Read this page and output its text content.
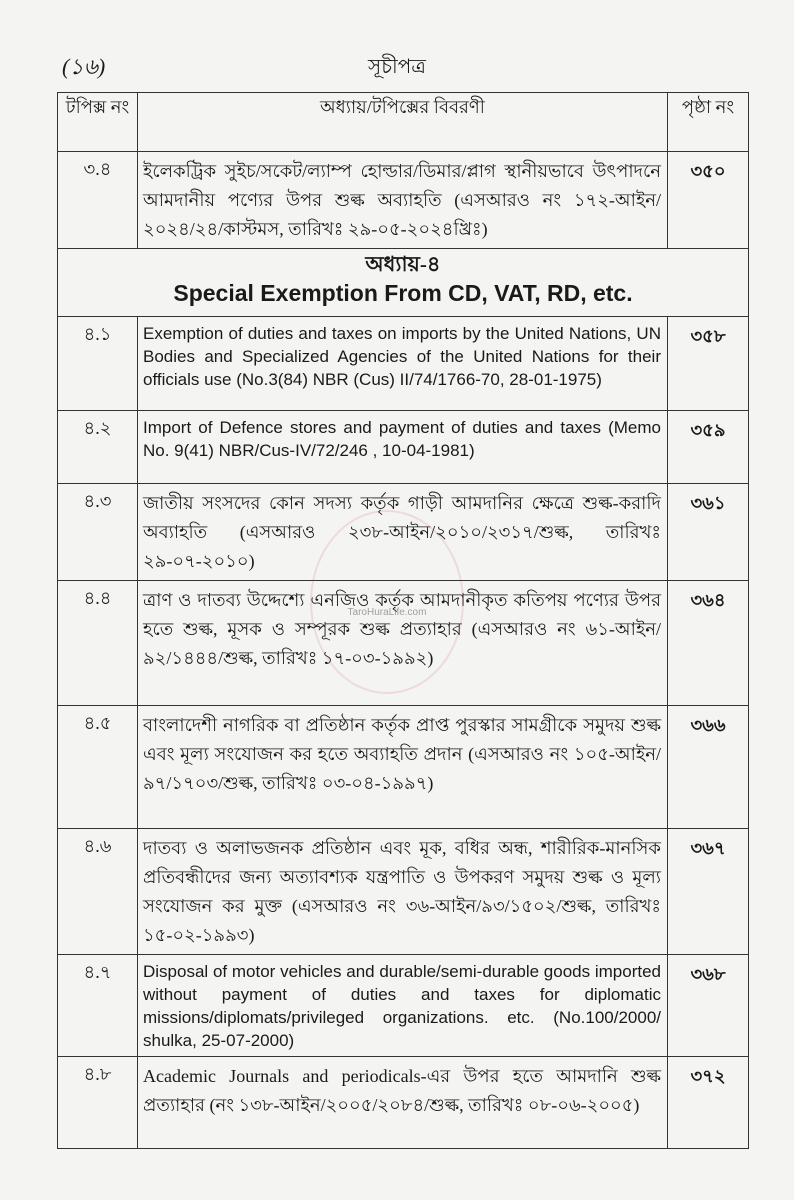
(১৬)	সূচীপত্র
টপিক্স নং	অধ্যায়/টপিক্সের বিবরণী	পৃষ্ঠা নং
৩.৪	ইলেকট্রিক সুইচ/সকেট/ল্যাম্প হোল্ডার/ডিমার/প্লাগ স্থানীয়ভাবে উৎপাদনে আমদানীয় পণ্যের উপর শুল্ক অব্যাহতি (এসআরও নং ১৭২-আইন/২০২৪/২৪/কাস্টমস, তারিখঃ ২৯-০৫-২০২৪খ্রিঃ)	৩৫০

অধ্যায়-৪
Special Exemption From CD, VAT, RD, etc.		

৪.১	Exemption of duties and taxes on imports by the United Nations, UN Bodies and Specialized Agencies of the United Nations for their officials use (No.3(84) NBR (Cus) II/74/1766-70, 28-01-1975)	৩৫৮
৪.২	Import of Defence stores and payment of duties and taxes (Memo No. 9(41) NBR/Cus-IV/72/246 , 10-04-1981)	৩৫৯
৪.৩	জাতীয় সংসদের কোন সদস্য কর্তৃক গাড়ী আমদানির ক্ষেত্রে শুল্ক-করাদি অব্যাহতি (এসআরও ২৩৮-আইন/২০১০/২৩১৭/শুল্ক, তারিখঃ ২৯-০৭-২০১০)	৩৬১
৪.৪	ত্রাণ ও দাতব্য উদ্দেশ্যে এনজিও কর্তৃক আমদানীকৃত কতিপয় পণ্যের উপর হতে শুল্ক, মূসক ও সম্পূরক শুল্ক প্রত্যাহার (এসআরও নং ৬১-আইন/৯২/১৪৪৪/শুল্ক, তারিখঃ ১৭-০৩-১৯৯২)	৩৬৪
৪.৫	বাংলাদেশী নাগরিক বা প্রতিষ্ঠান কর্তৃক প্রাপ্ত পুরস্কার সামগ্রীকে সমুদয় শুল্ক এবং মূল্য সংযোজন কর হতে অব্যাহতি প্রদান (এসআরও নং ১০৫-আইন/৯৭/১৭০৩/শুল্ক, তারিখঃ ০৩-০৪-১৯৯৭)	৩৬৬
৪.৬	দাতব্য ও অলাভজনক প্রতিষ্ঠান এবং মূক, বধির অন্ধ, শারীরিক-মানসিক প্রতিবন্ধীদের জন্য অত্যাবশ্যক যন্ত্রপাতি ও উপকরণ সমুদয় শুল্ক ও মূল্য সংযোজন কর মুক্ত (এসআরও নং ৩৬-আইন/৯৩/১৫০২/শুল্ক, তারিখঃ ১৫-০২-১৯৯৩)	৩৬৭
৪.৭	Disposal of motor vehicles and durable/semi-durable goods imported without payment of duties and taxes for diplomatic missions/diplomats/privileged organizations. etc. (No.100/2000/ shulka, 25-07-2000)	৩৬৮
৪.৮	Academic Journals and periodicals-এর উপর হতে আমদানি শুল্ক প্রত্যাহার (নং ১৩৮-আইন/২০০৫/২০৮৪/শুল্ক, তারিখঃ ০৮-০৬-২০০৫)	৩৭২
TaroHuraLife.com
